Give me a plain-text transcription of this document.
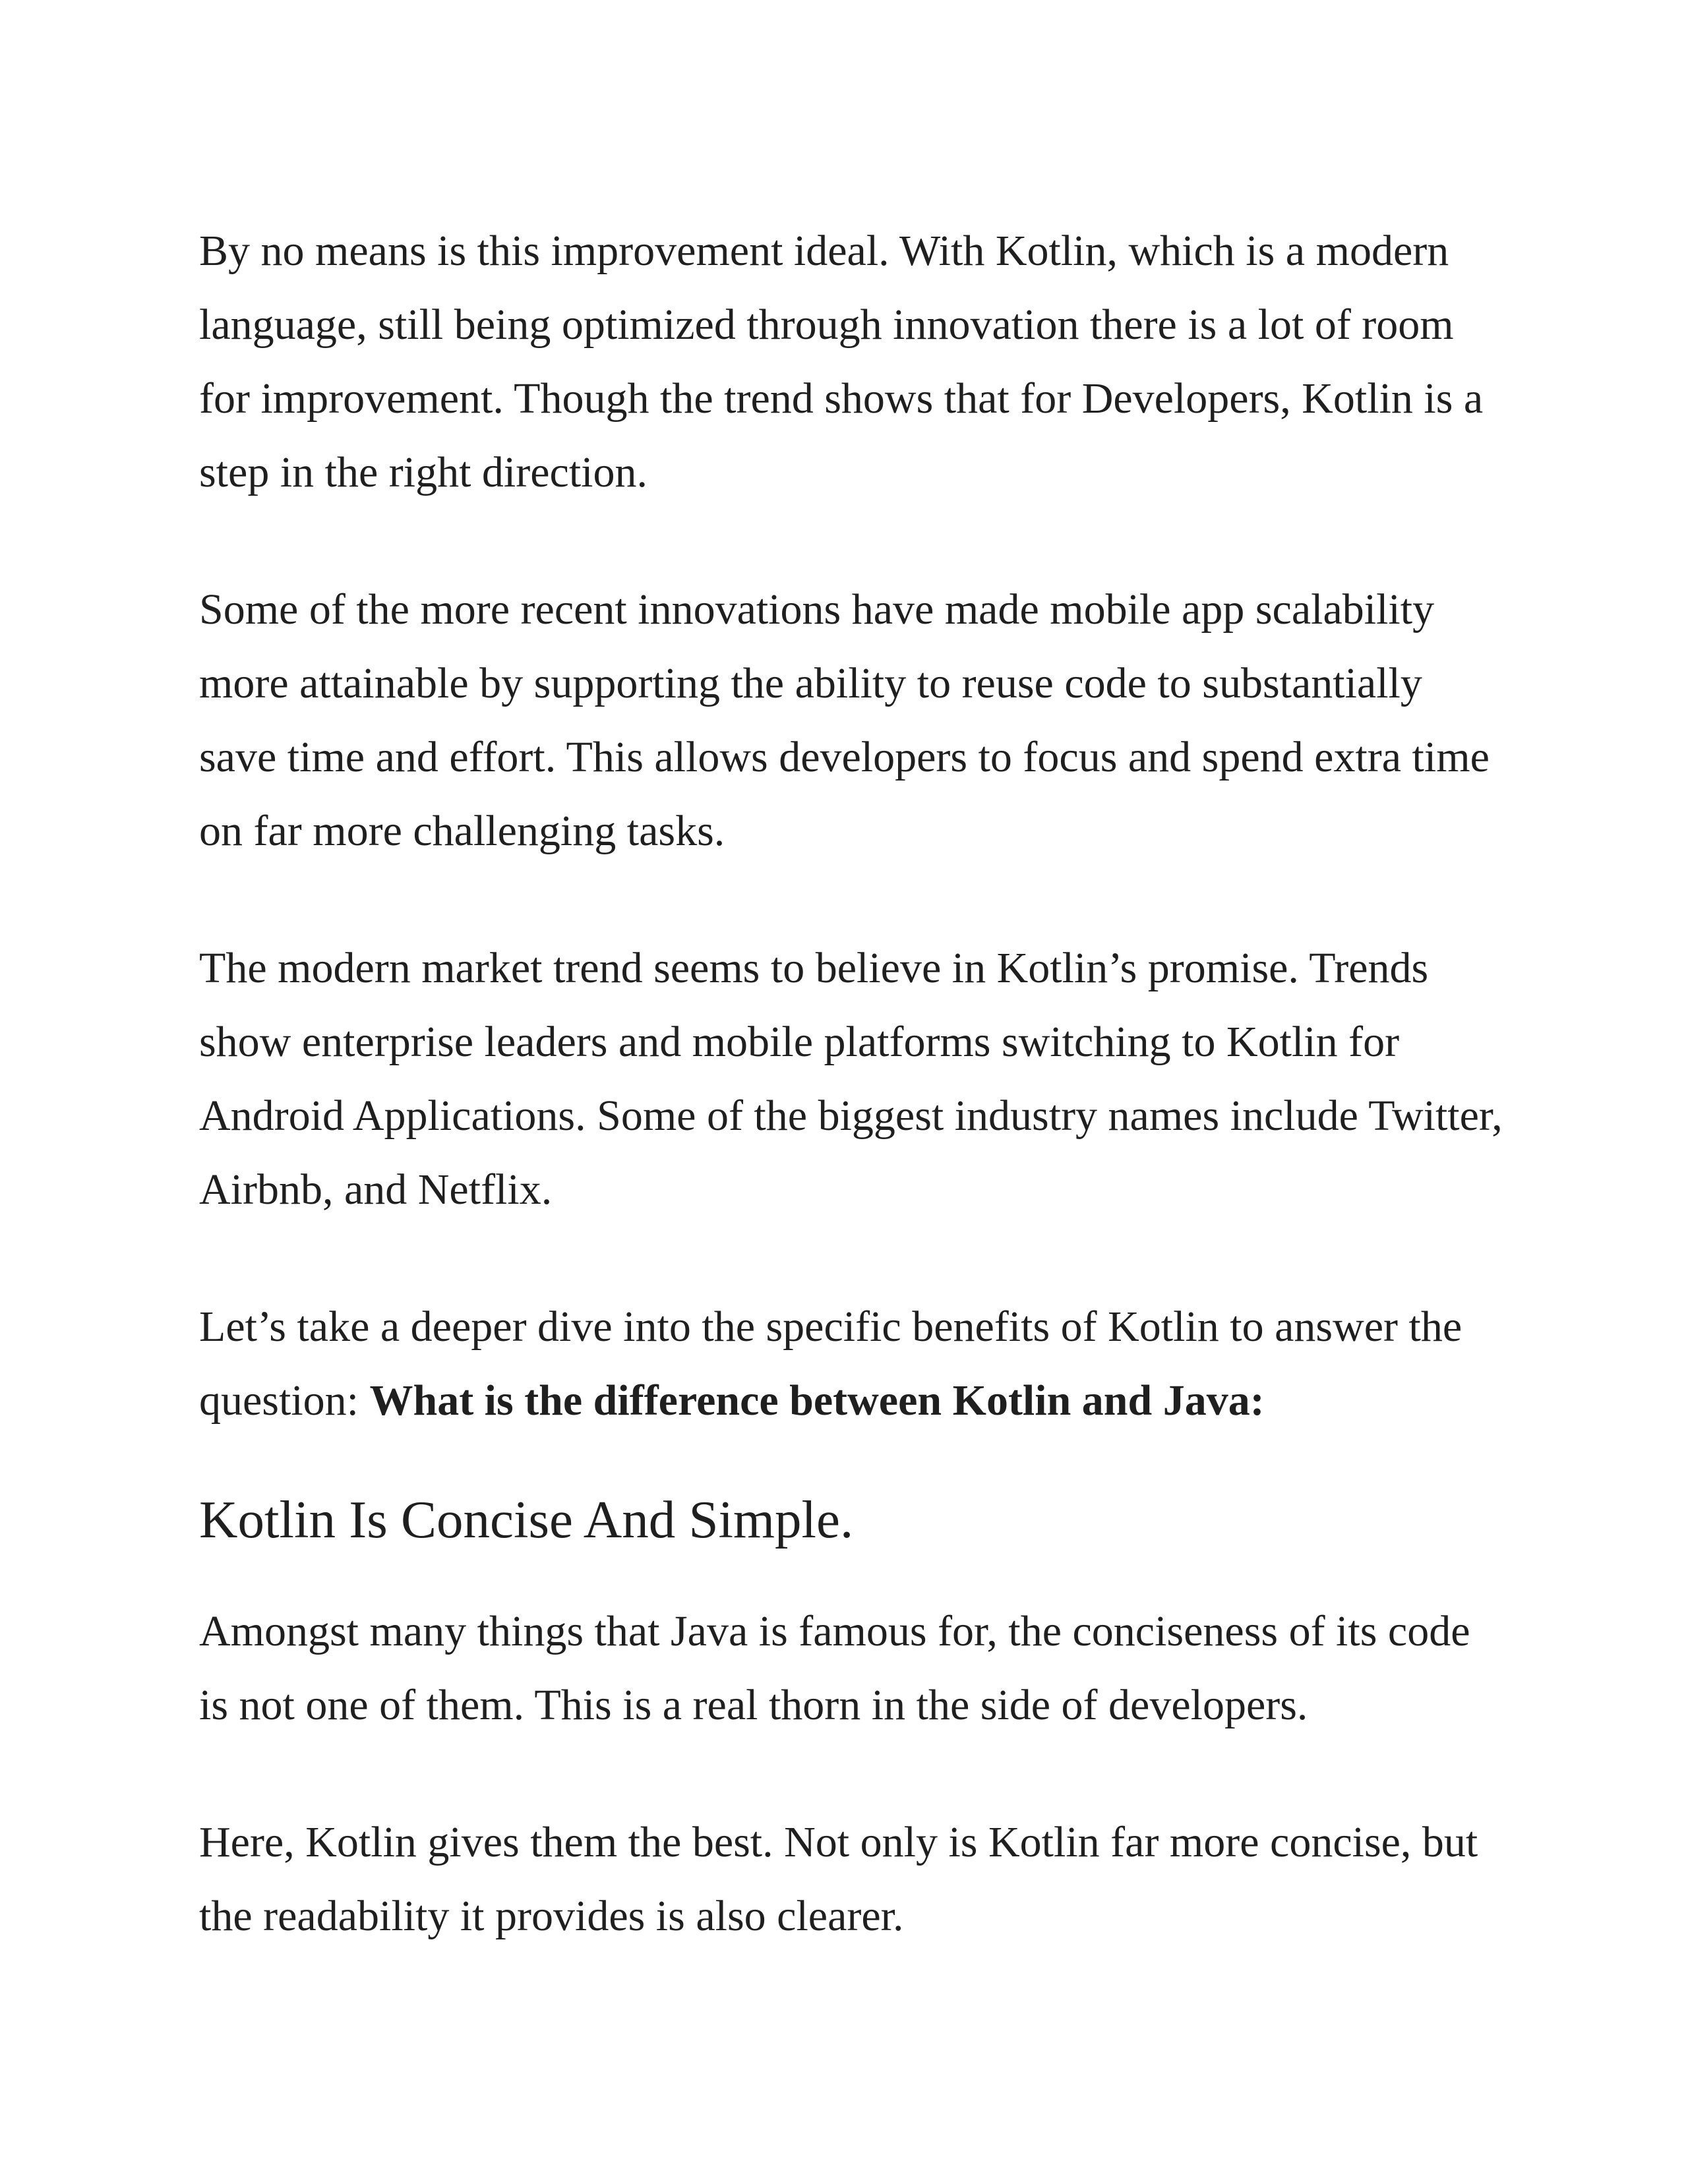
By no means is this improvement ideal. With Kotlin, which is a modern language, still being optimized through innovation there is a lot of room for improvement. Though the trend shows that for Developers, Kotlin is a step in the right direction.

Some of the more recent innovations have made mobile app scalability more attainable by supporting the ability to reuse code to substantially save time and effort. This allows developers to focus and spend extra time on far more challenging tasks.

The modern market trend seems to believe in Kotlin’s promise. Trends show enterprise leaders and mobile platforms switching to Kotlin for Android Applications. Some of the biggest industry names include Twitter, Airbnb, and Netflix.

Let’s take a deeper dive into the specific benefits of Kotlin to answer the question: What is the difference between Kotlin and Java:

Kotlin Is Concise And Simple.

Amongst many things that Java is famous for, the conciseness of its code is not one of them. This is a real thorn in the side of developers.

Here, Kotlin gives them the best. Not only is Kotlin far more concise, but the readability it provides is also clearer.
